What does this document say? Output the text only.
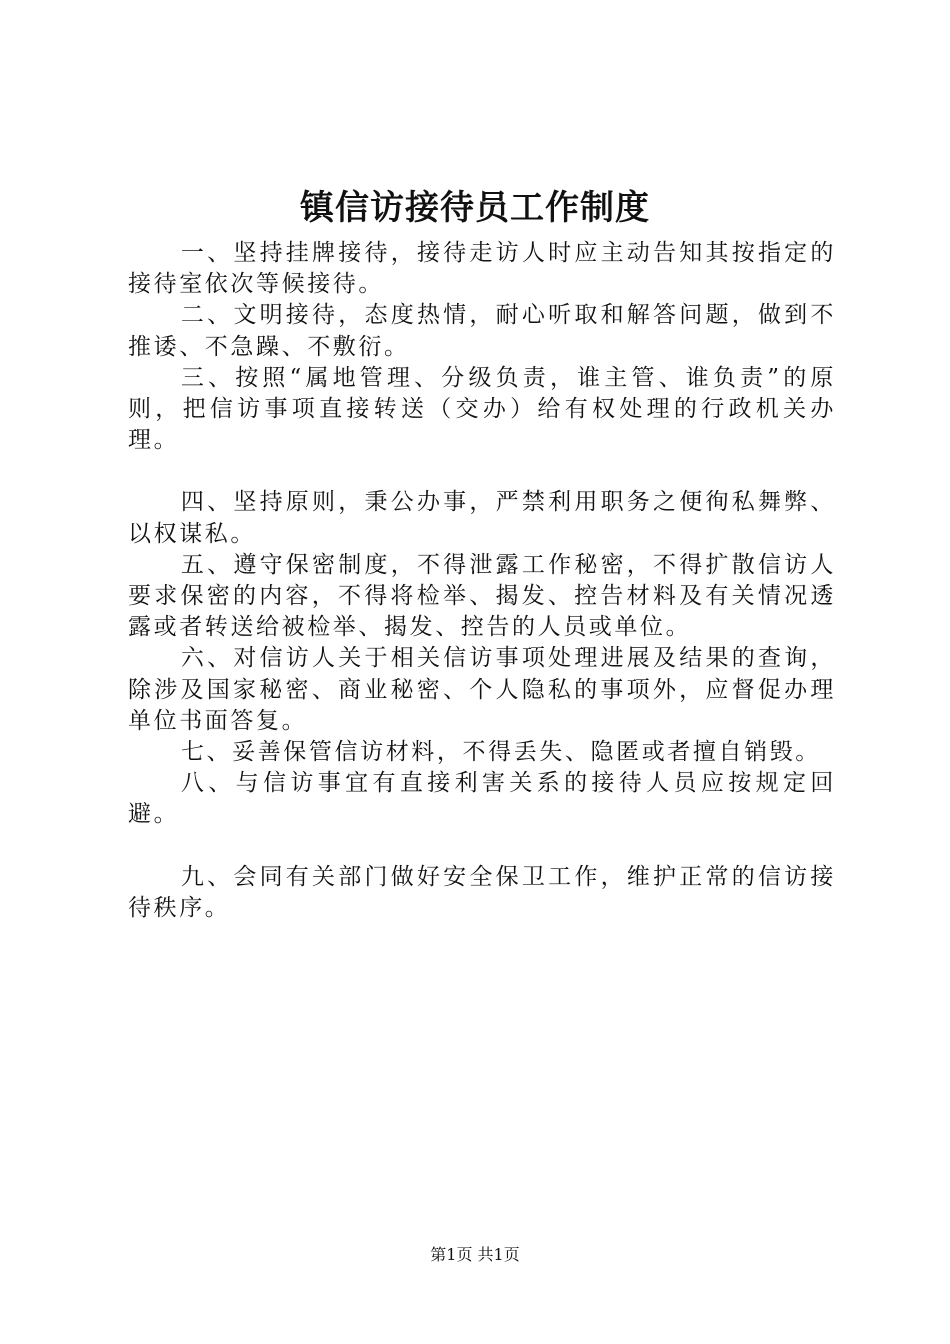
镇信访接待员工作制度

一、坚持挂牌接待，接待走访人时应主动告知其按指定的接待室依次等候接待。

二、文明接待，态度热情，耐心听取和解答问题，做到不推诿、不急躁、不敷衍。

三、按照“属地管理、分级负责，谁主管、谁负责”的原则，把信访事项直接转送（交办）给有权处理的行政机关办理。

四、坚持原则，秉公办事，严禁利用职务之便徇私舞弊、以权谋私。

五、遵守保密制度，不得泄露工作秘密，不得扩散信访人要求保密的内容，不得将检举、揭发、控告材料及有关情况透露或者转送给被检举、揭发、控告的人员或单位。

六、对信访人关于相关信访事项处理进展及结果的查询，除涉及国家秘密、商业秘密、个人隐私的事项外，应督促办理单位书面答复。

七、妥善保管信访材料，不得丢失、隐匿或者擅自销毁。

八、与信访事宜有直接利害关系的接待人员应按规定回避。

九、会同有关部门做好安全保卫工作，维护正常的信访接待秩序。

第1页 共1页
